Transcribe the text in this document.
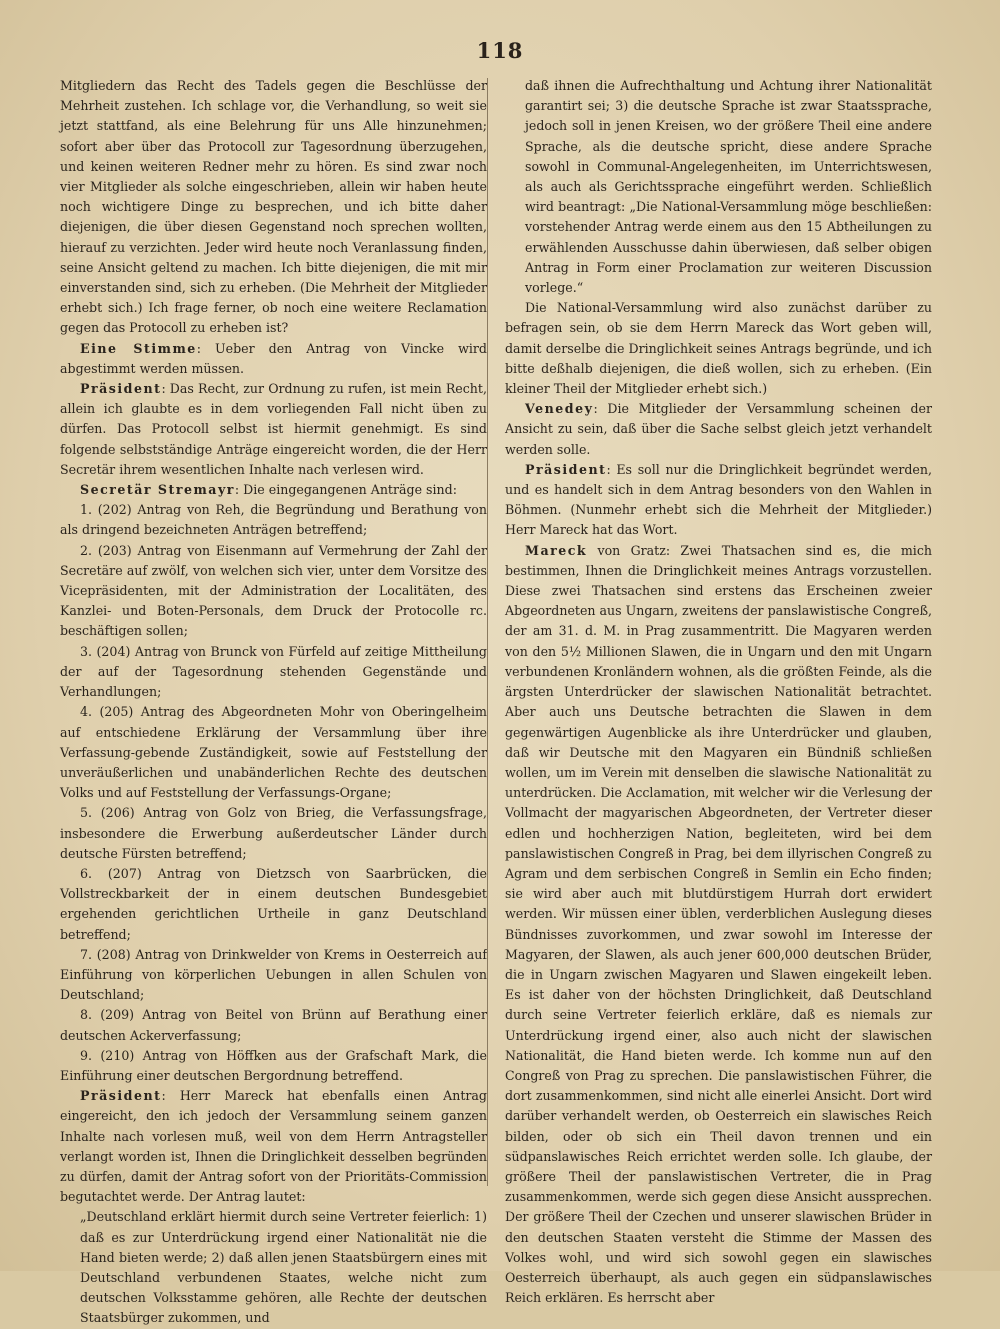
118

Mitgliedern das Recht des Tadels gegen die Beschlüsse der Mehrheit zustehen. Ich schlage vor, die Verhandlung, so weit sie jetzt stattfand, als eine Belehrung für uns Alle hinzunehmen; sofort aber über das Protocoll zur Tagesordnung überzugehen, und keinen weiteren Redner mehr zu hören. Es sind zwar noch vier Mitglieder als solche eingeschrieben, allein wir haben heute noch wichtigere Dinge zu besprechen, und ich bitte daher diejenigen, die über diesen Gegenstand noch sprechen wollten, hierauf zu verzichten. Jeder wird heute noch Veranlassung finden, seine Ansicht geltend zu machen. Ich bitte diejenigen, die mit mir einverstanden sind, sich zu erheben. (Die Mehrheit der Mitglieder erhebt sich.) Ich frage ferner, ob noch eine weitere Reclamation gegen das Protocoll zu erheben ist?

Eine Stimme: Ueber den Antrag von Vincke wird abgestimmt werden müssen.

Präsident: Das Recht, zur Ordnung zu rufen, ist mein Recht, allein ich glaubte es in dem vorliegenden Fall nicht üben zu dürfen. Das Protocoll selbst ist hiermit genehmigt. Es sind folgende selbstständige Anträge eingereicht worden, die der Herr Secretär ihrem wesentlichen Inhalte nach verlesen wird.

Secretär Stremayr: Die eingegangenen Anträge sind:

1. (202) Antrag von Reh, die Begründung und Berathung von als dringend bezeichneten Anträgen betreffend;

2. (203) Antrag von Eisenmann auf Vermehrung der Zahl der Secretäre auf zwölf, von welchen sich vier, unter dem Vorsitze des Vicepräsidenten, mit der Administration der Localitäten, des Kanzlei- und Boten-Personals, dem Druck der Protocolle rc. beschäftigen sollen;

3. (204) Antrag von Brunck von Fürfeld auf zeitige Mittheilung der auf der Tagesordnung stehenden Gegenstände und Verhandlungen;

4. (205) Antrag des Abgeordneten Mohr von Oberingelheim auf entschiedene Erklärung der Versammlung über ihre Verfassung-gebende Zuständigkeit, sowie auf Feststellung der unveräußerlichen und unabänderlichen Rechte des deutschen Volks und auf Feststellung der Verfassungs-Organe;

5. (206) Antrag von Golz von Brieg, die Verfassungsfrage, insbesondere die Erwerbung außerdeutscher Länder durch deutsche Fürsten betreffend;

6. (207) Antrag von Dietzsch von Saarbrücken, die Vollstreckbarkeit der in einem deutschen Bundesgebiet ergehenden gerichtlichen Urtheile in ganz Deutschland betreffend;

7. (208) Antrag von Drinkwelder von Krems in Oesterreich auf Einführung von körperlichen Uebungen in allen Schulen von Deutschland;

8. (209) Antrag von Beitel von Brünn auf Berathung einer deutschen Ackerverfassung;

9. (210) Antrag von Höffken aus der Grafschaft Mark, die Einführung einer deutschen Bergordnung betreffend.

Präsident: Herr Mareck hat ebenfalls einen Antrag eingereicht, den ich jedoch der Versammlung seinem ganzen Inhalte nach vorlesen muß, weil von dem Herrn Antragsteller verlangt worden ist, Ihnen die Dringlichkeit desselben begründen zu dürfen, damit der Antrag sofort von der Prioritäts-Commission begutachtet werde. Der Antrag lautet:

„Deutschland erklärt hiermit durch seine Vertreter feierlich: 1) daß es zur Unterdrückung irgend einer Nationalität nie die Hand bieten werde; 2) daß allen jenen Staatsbürgern eines mit Deutschland verbundenen Staates, welche nicht zum deutschen Volksstamme gehören, alle Rechte der deutschen Staatsbürger zukommen, und

daß ihnen die Aufrechthaltung und Achtung ihrer Nationalität garantirt sei; 3) die deutsche Sprache ist zwar Staatssprache, jedoch soll in jenen Kreisen, wo der größere Theil eine andere Sprache, als die deutsche spricht, diese andere Sprache sowohl in Communal-Angelegenheiten, im Unterrichtswesen, als auch als Gerichtssprache eingeführt werden. Schließlich wird beantragt: „Die National-Versammlung möge beschließen: vorstehender Antrag werde einem aus den 15 Abtheilungen zu erwählenden Ausschusse dahin überwiesen, daß selber obigen Antrag in Form einer Proclamation zur weiteren Discussion vorlege.“

Die National-Versammlung wird also zunächst darüber zu befragen sein, ob sie dem Herrn Mareck das Wort geben will, damit derselbe die Dringlichkeit seines Antrags begründe, und ich bitte deßhalb diejenigen, die dieß wollen, sich zu erheben. (Ein kleiner Theil der Mitglieder erhebt sich.)

Venedey: Die Mitglieder der Versammlung scheinen der Ansicht zu sein, daß über die Sache selbst gleich jetzt verhandelt werden solle.

Präsident: Es soll nur die Dringlichkeit begründet werden, und es handelt sich in dem Antrag besonders von den Wahlen in Böhmen. (Nunmehr erhebt sich die Mehrheit der Mitglieder.) Herr Mareck hat das Wort.

Mareck von Gratz: Zwei Thatsachen sind es, die mich bestimmen, Ihnen die Dringlichkeit meines Antrags vorzustellen. Diese zwei Thatsachen sind erstens das Erscheinen zweier Abgeordneten aus Ungarn, zweitens der panslawistische Congreß, der am 31. d. M. in Prag zusammentritt. Die Magyaren werden von den 5½ Millionen Slawen, die in Ungarn und den mit Ungarn verbundenen Kronländern wohnen, als die größten Feinde, als die ärgsten Unterdrücker der slawischen Nationalität betrachtet. Aber auch uns Deutsche betrachten die Slawen in dem gegenwärtigen Augenblicke als ihre Unterdrücker und glauben, daß wir Deutsche mit den Magyaren ein Bündniß schließen wollen, um im Verein mit denselben die slawische Nationalität zu unterdrücken. Die Acclamation, mit welcher wir die Verlesung der Vollmacht der magyarischen Abgeordneten, der Vertreter dieser edlen und hochherzigen Nation, begleiteten, wird bei dem panslawistischen Congreß in Prag, bei dem illyrischen Congreß zu Agram und dem serbischen Congreß in Semlin ein Echo finden; sie wird aber auch mit blutdürstigem Hurrah dort erwidert werden. Wir müssen einer üblen, verderblichen Auslegung dieses Bündnisses zuvorkommen, und zwar sowohl im Interesse der Magyaren, der Slawen, als auch jener 600,000 deutschen Brüder, die in Ungarn zwischen Magyaren und Slawen eingekeilt leben. Es ist daher von der höchsten Dringlichkeit, daß Deutschland durch seine Vertreter feierlich erkläre, daß es niemals zur Unterdrückung irgend einer, also auch nicht der slawischen Nationalität, die Hand bieten werde. Ich komme nun auf den Congreß von Prag zu sprechen. Die panslawistischen Führer, die dort zusammenkommen, sind nicht alle einerlei Ansicht. Dort wird darüber verhandelt werden, ob Oesterreich ein slawisches Reich bilden, oder ob sich ein Theil davon trennen und ein südpanslawisches Reich errichtet werden solle. Ich glaube, der größere Theil der panslawistischen Vertreter, die in Prag zusammenkommen, werde sich gegen diese Ansicht aussprechen. Der größere Theil der Czechen und unserer slawischen Brüder in den deutschen Staaten versteht die Stimme der Massen des Volkes wohl, und wird sich sowohl gegen ein slawisches Oesterreich überhaupt, als auch gegen ein südpanslawisches Reich erklären. Es herrscht aber
